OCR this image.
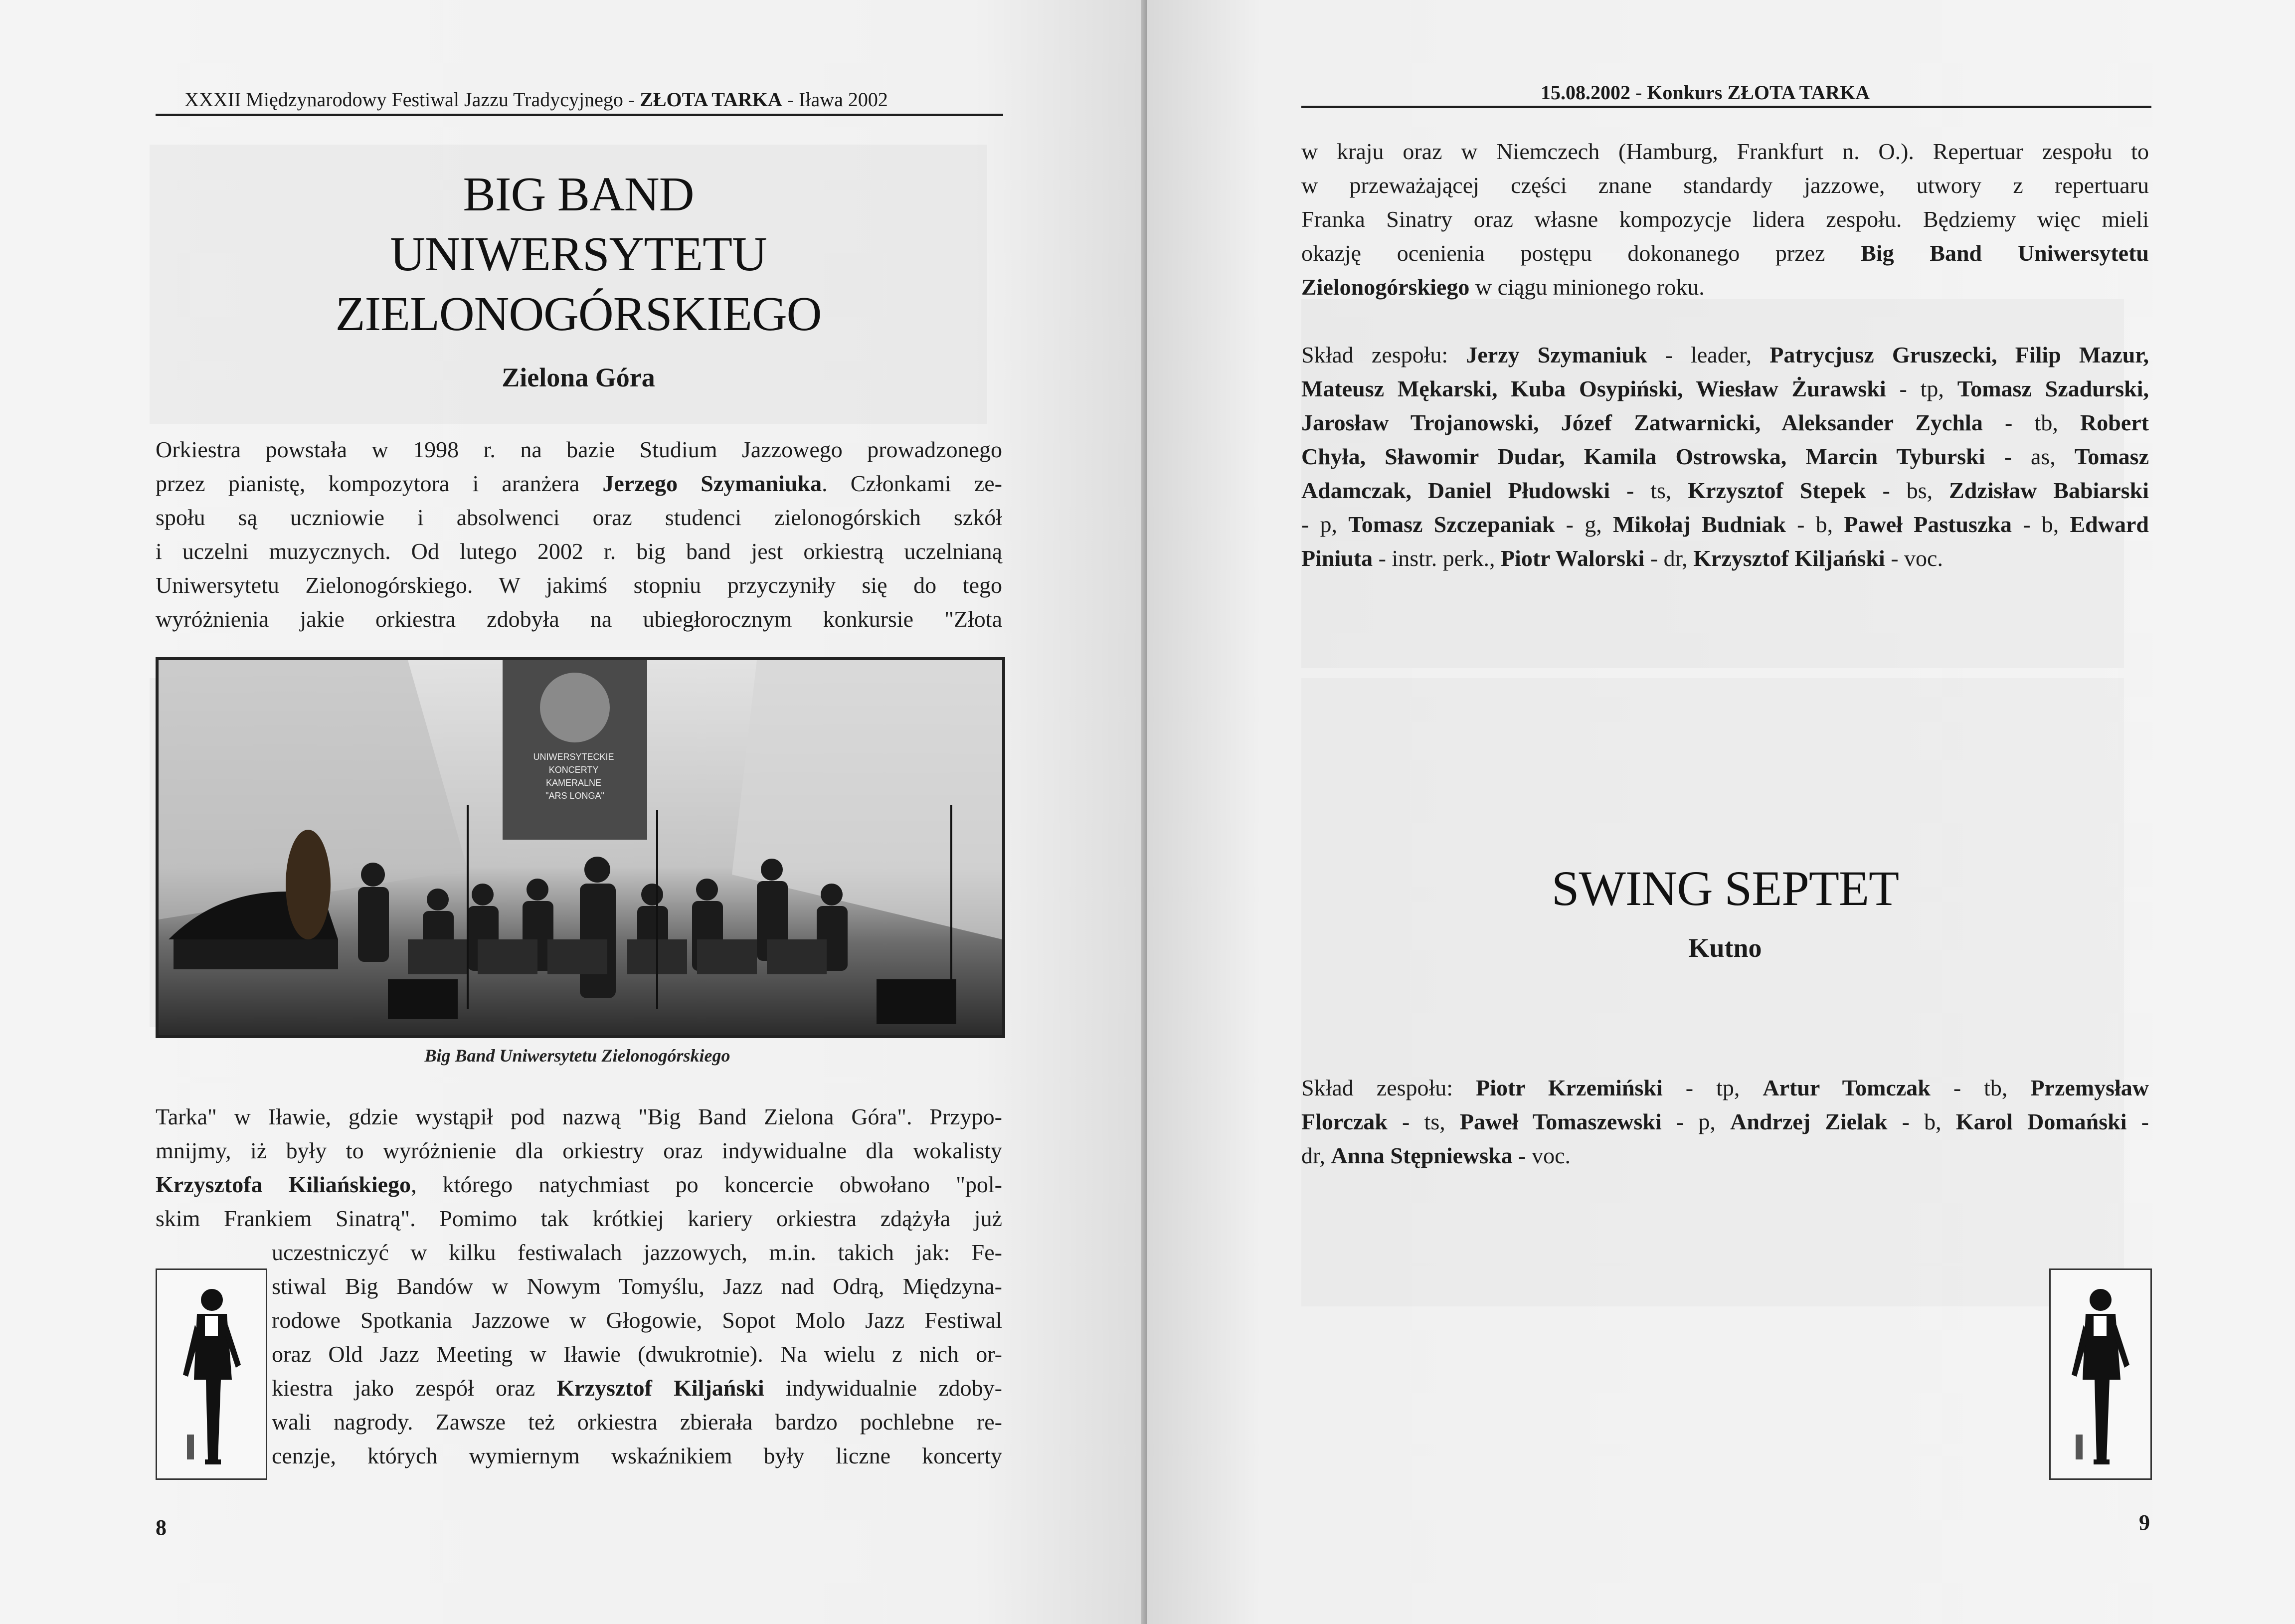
XXXII Międzynarodowy Festiwal Jazzu Tradycyjnego - ZŁOTA TARKA - Iława 2002
BIG BAND
UNIWERSYTETU
ZIELONOGÓRSKIEGO
Zielona Góra
Orkiestra powstała w 1998 r. na bazie Studium Jazzowego prowadzonego
przez pianistę, kompozytora i aranżera Jerzego Szymaniuka. Członkami ze-
społu są uczniowie i absolwenci oraz studenci zielonogórskich szkół
i uczelni muzycznych. Od lutego 2002 r. big band jest orkiestrą uczelnianą
Uniwersytetu Zielonogórskiego. W jakimś stopniu przyczyniły się do tego
wyróżnienia jakie orkiestra zdobyła na ubiegłorocznym konkursie "Złota
UNIWERSYTECKIE KONCERTY KAMERALNE "ARS LONGA"
Big Band Uniwersytetu Zielonogórskiego
Tarka" w Iławie, gdzie wystąpił pod nazwą "Big Band Zielona Góra". Przypo-
mnijmy, iż były to wyróżnienie dla orkiestry oraz indywidualne dla wokalisty
Krzysztofa Kiliańskiego, którego natychmiast po koncercie obwołano "pol-
skim Frankiem Sinatrą". Pomimo tak krótkiej kariery orkiestra zdążyła już
uczestniczyć w kilku festiwalach jazzowych, m.in. takich jak: Fe-
stiwal Big Bandów w Nowym Tomyślu, Jazz nad Odrą, Międzyna-
rodowe Spotkania Jazzowe w Głogowie, Sopot Molo Jazz Festiwal
oraz Old Jazz Meeting w Iławie (dwukrotnie). Na wielu z nich or-
kiestra jako zespół oraz Krzysztof Kiljański indywidualnie zdoby-
wali nagrody. Zawsze też orkiestra zbierała bardzo pochlebne re-
cenzje, których wymiernym wskaźnikiem były liczne koncerty
8
15.08.2002 - Konkurs ZŁOTA TARKA
w kraju oraz w Niemczech (Hamburg, Frankfurt n. O.). Repertuar zespołu to
w przeważającej części znane standardy jazzowe, utwory z repertuaru
Franka Sinatry oraz własne kompozycje lidera zespołu. Będziemy więc mieli
okazję ocenienia postępu dokonanego przez Big Band Uniwersytetu
Zielonogórskiego w ciągu minionego roku.
Skład zespołu: Jerzy Szymaniuk - leader, Patrycjusz Gruszecki, Filip Mazur,
Mateusz Mękarski, Kuba Osypiński, Wiesław Żurawski - tp, Tomasz Szadurski,
Jarosław Trojanowski, Józef Zatwarnicki, Aleksander Zychla - tb, Robert
Chyła, Sławomir Dudar, Kamila Ostrowska, Marcin Tyburski - as, Tomasz
Adamczak, Daniel Płudowski - ts, Krzysztof Stepek - bs, Zdzisław Babiarski
- p, Tomasz Szczepaniak - g, Mikołaj Budniak - b, Paweł Pastuszka - b, Edward
Piniuta - instr. perk., Piotr Walorski - dr, Krzysztof Kiljański - voc.
SWING SEPTET
Kutno
Skład zespołu: Piotr Krzemiński - tp, Artur Tomczak - tb, Przemysław
Florczak - ts, Paweł Tomaszewski - p, Andrzej Zielak - b, Karol Domański -
dr, Anna Stępniewska - voc.
9
